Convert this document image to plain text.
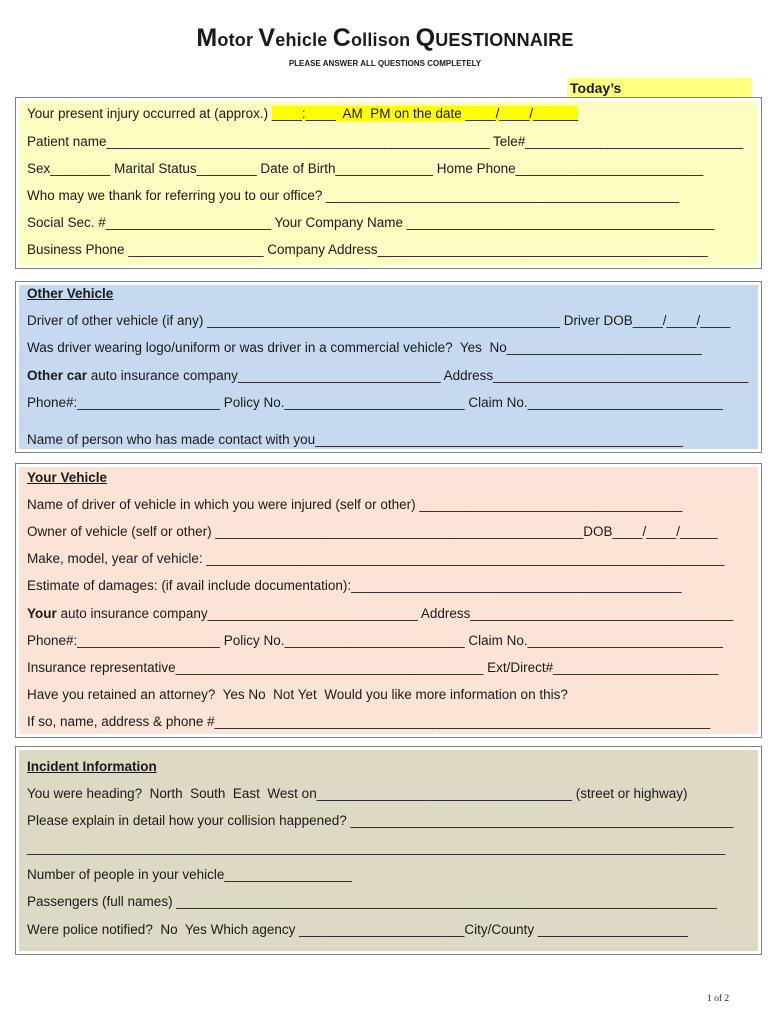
Motor Vehicle Collison QUESTIONNAIRE
PLEASE ANSWER ALL QUESTIONS COMPLETELY
Today’s
Your present injury occurred at (approx.) ____:____  AM  PM on the date ____/____/______
Patient name___________________________________________________ Tele#_____________________________
Sex________ Marital Status________ Date of Birth_____________ Home Phone_________________________
Who may we thank for referring you to our office? _______________________________________________
Social Sec. #______________________ Your Company Name _________________________________________
Business Phone __________________ Company Address____________________________________________
Other Vehicle
Driver of other vehicle (if any) _______________________________________________ Driver DOB____/____/____
Was driver wearing logo/uniform or was driver in a commercial vehicle?  Yes  No__________________________
Other car auto insurance company___________________________ Address__________________________________
Phone#:___________________ Policy No.________________________ Claim No.__________________________
Name of person who has made contact with you_________________________________________________
Your Vehicle
Name of driver of vehicle in which you were injured (self or other) ___________________________________
Owner of vehicle (self or other) _________________________________________________DOB____/____/_____
Make, model, year of vehicle: _____________________________________________________________________
Estimate of damages: (if avail include documentation):____________________________________________
Your auto insurance company____________________________ Address___________________________________
Phone#:___________________ Policy No.________________________ Claim No.__________________________
Insurance representative_________________________________________ Ext/Direct#______________________
Have you retained an attorney?  Yes No  Not Yet  Would you like more information on this?
If so, name, address & phone #__________________________________________________________________
Incident Information
You were heading?  North  South  East  West on__________________________________ (street or highway)
Please explain in detail how your collision happened? ___________________________________________________
_____________________________________________________________________________________________
Number of people in your vehicle_________________
Passengers (full names) ________________________________________________________________________
Were police notified?  No  Yes Which agency ______________________City/County ____________________
1 of 2
